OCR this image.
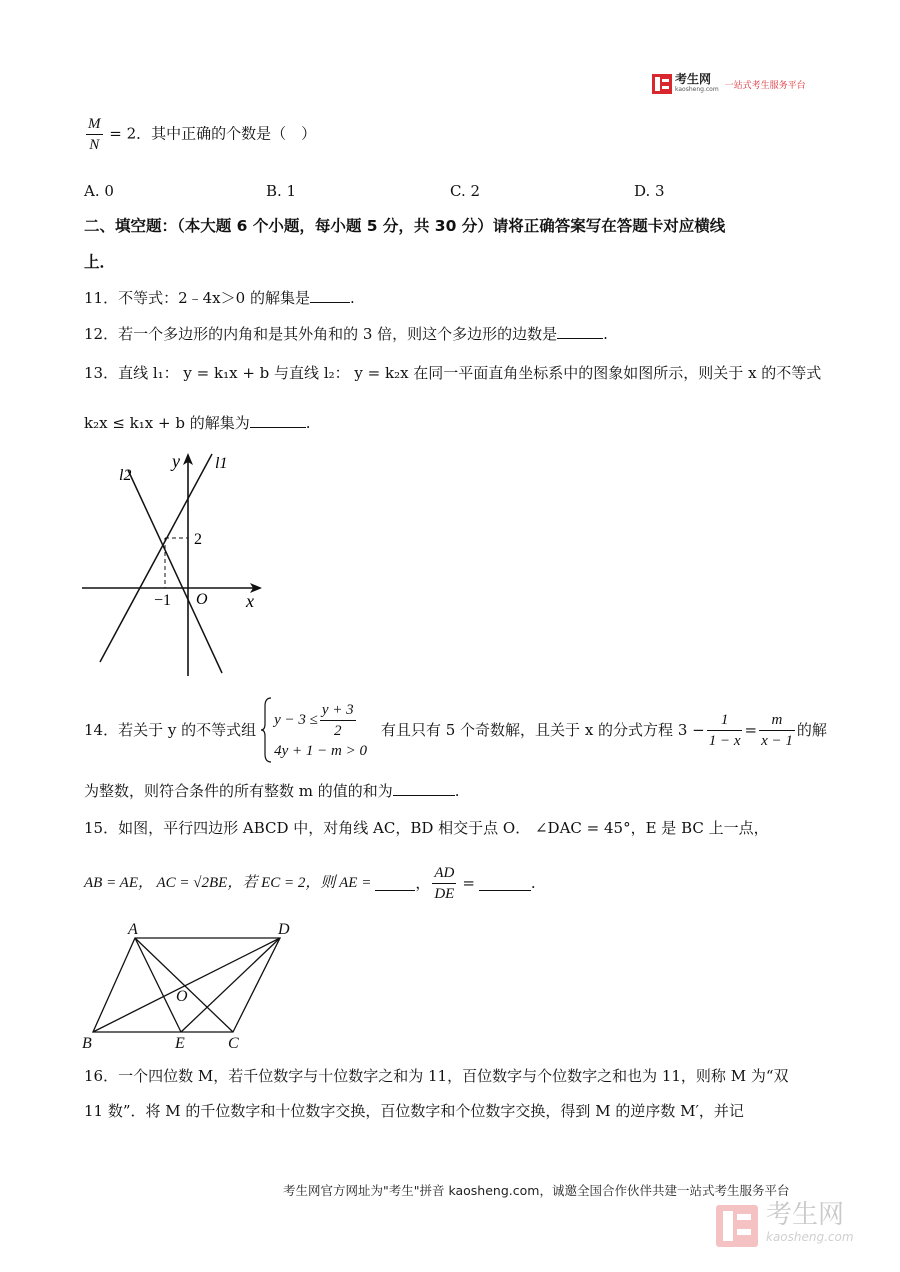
考生网
kaosheng.com 一站式考生服务平台
$\frac{M}{N} = 2$．其中正确的个数是（　）
A. 0	B. 1	C. 2	D. 3
二、填空题：（本大题 6 个小题，每小题 5 分，共 30 分）请将正确答案写在答题卡对应横线
上．
11．不等式：2﹣4x＞0 的解集是	.
12．若一个多边形的内角和是其外角和的 3 倍，则这个多边形的边数是	.
13．直线 l₁： y = k₁x + b 与直线 l₂： y = k₂x 在同一平面直角坐标系中的图象如图所示，则关于 x 的不等式
k₂x ≤ k₁x + b 的解集为	.
y
x
O
l1
l2
2
−1
14．若关于 y 的不等式组
$y - 3 \le \frac{y + 3}{2}$
4y + 1 − m > 0
有且只有 5 个奇数解，且关于 x 的分式方程 $3 - \frac{1}{1 - x} = \frac{m}{x - 1}$ 的解
为整数，则符合条件的所有整数 m 的值的和为	.
15．如图，平行四边形 ABCD 中，对角线 AC，BD 相交于点 O． ∠DAC = 45°，E 是 BC 上一点，
AB = AE， AC = √2BE，若 EC = 2，则 AE =	， $\frac{AD}{DE}$ =	.
A	D
B	E	C
O
16．一个四位数 M，若千位数字与十位数字之和为 11，百位数字与个位数字之和也为 11，则称 M 为“双
11 数”．将 M 的千位数字和十位数字交换，百位数字和个位数字交换，得到 M 的逆序数 M′，并记
考生网官方网址为"考生"拼音 kaosheng.com，诚邀全国合作伙伴共建一站式考生服务平台
考生网
kaosheng.com
